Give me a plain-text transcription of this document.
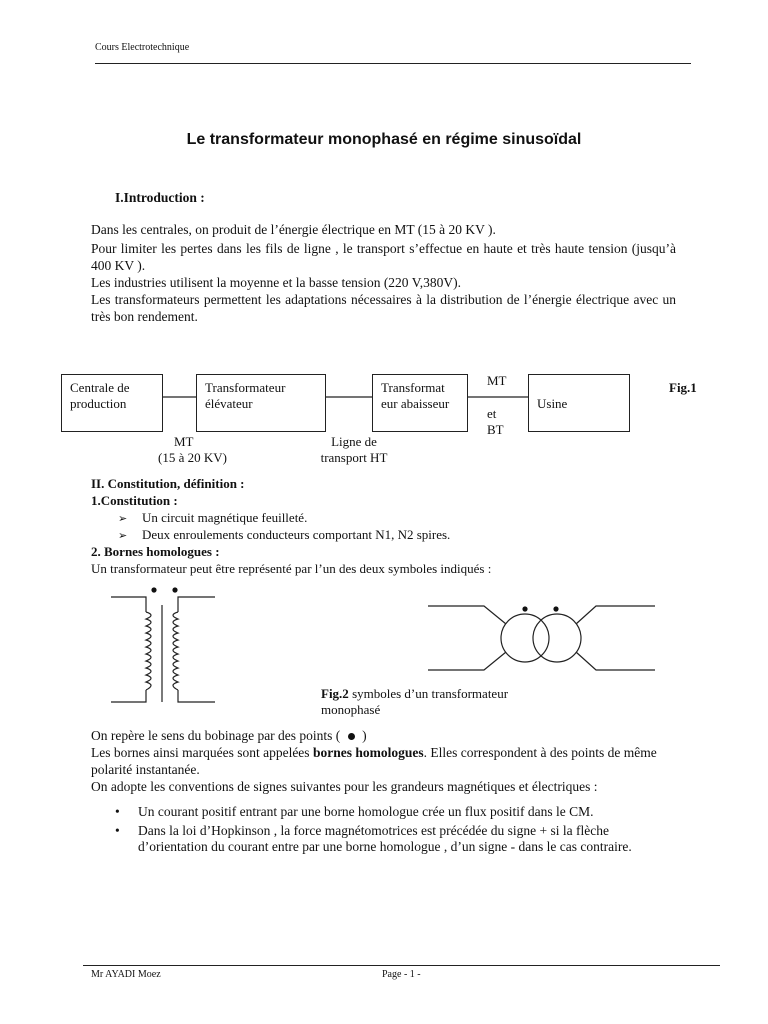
Cours Electrotechnique
Le transformateur monophasé en régime sinusoïdal
I.Introduction :
Dans les centrales, on produit de l’énergie électrique en MT (15 à 20 KV ).
Pour limiter les pertes dans les fils de ligne , le transport s’effectue en haute et très haute tension (jusqu’à 400 KV ).
Les industries utilisent la moyenne et la basse tension (220 V,380V).
Les transformateurs permettent les adaptations nécessaires à la distribution de l’énergie électrique avec un très bon rendement.
Centrale de production
Transformateur élévateur
Transformat eur abaisseur	Usine
MT
et BT
Fig.1
MT
(15 à 20 KV)
Ligne de transport HT
II. Constitution, définition :
1.Constitution :
➢ Un circuit magnétique feuilleté.
➢ Deux enroulements conducteurs comportant N1, N2 spires.
2. Bornes homologues :
Un transformateur peut être représenté par l’un des deux symboles indiqués :
Fig.2 symboles d’un transformateur monophasé
On repère le sens du bobinage par des points ( )
Les bornes ainsi marquées sont appelées bornes homologues. Elles correspondent à des points de même polarité instantanée.
On adopte les conventions de signes suivantes pour les grandeurs magnétiques et électriques :
• Un courant positif entrant par une borne homologue crée un flux positif dans le CM.
• Dans la loi d’Hopkinson , la force magnétomotrices est précédée du signe + si la flèche d’orientation du courant entre par une borne homologue , d’un signe - dans le cas contraire.
Mr AYADI Moez	Page - 1 -
